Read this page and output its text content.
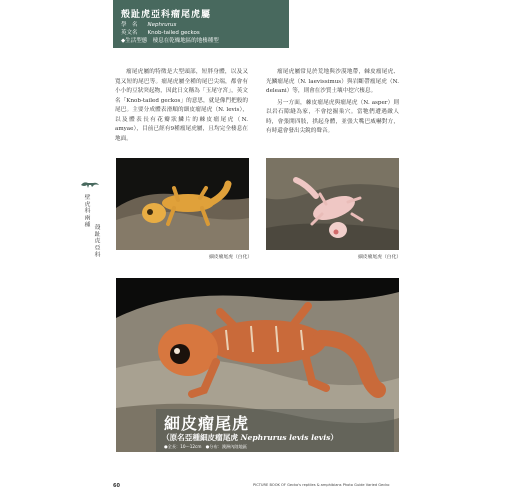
殼趾虎亞科瘤尾虎屬
學　名 Nephrurus
英文名 Knob-tailed geckos
◆生活型態　棲息在乾燥地區的地棲種型

瘤尾虎屬的特徵是大型頭部，短胖身體，以及又寬又短的尾巴等。瘤尾虎屬全種的尾巴尖端，都會有小小的豆狀突起物，因此日文稱為「玉尾守宮」，英文名「Knob-tailed geckos」的意思，就是像門把般的尾巴。主要分成體表滑順的細皮瘤尾虎（N. levis），以及體表長有花瓣狀鱗片的棘皮瘤尾虎（N. amyae），目前已經有9種瘤尾虎屬，且均完全棲息在地面。

瘤尾虎屬常見於荒地與沙漠地帶，棘皮瘤尾虎、光鱗瘤尾虎（N. laevissimus）與岩斷帶瘤尾虎（N. deleani）等，則會在沙質土壤中挖穴棲息。

另一方面，棘皮瘤尾虎與瘤尾虎（N. asper）則以岩石隙縫為家，不會挖掘巢穴。當牠們遭遇敵人時，會張開四肢，拱起身體，並張大嘴巴威嚇對方，有時還會發出尖銳的聲音。

壁虎科兩種
殼趾虎亞科	細皮瘤尾虎（白化）	細皮瘤尾虎（白化）
細皮瘤尾虎
（原名亞種細皮瘤尾虎 Nephrurus levis levis）
●全長：10～12cm　●分布：澳洲內陸地區
60	PICTURE BOOK OF Gecko's reptiles & amphibians Photo Guide Varied Gecko
